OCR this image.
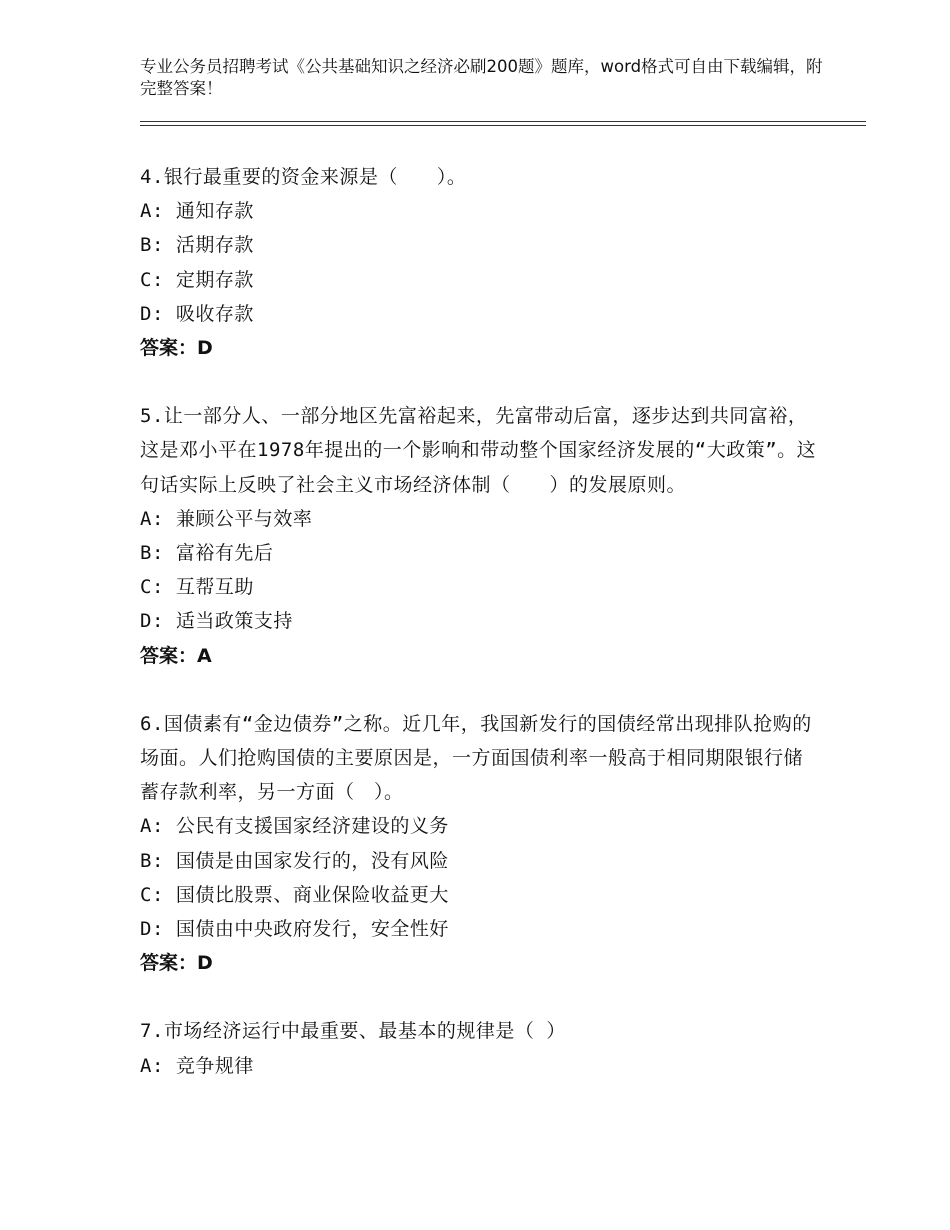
专业公务员招聘考试《公共基础知识之经济必刷200题》题库，word格式可自由下载编辑，附完整答案！
4.银行最重要的资金来源是（　　）。
A: 通知存款
B: 活期存款
C: 定期存款
D: 吸收存款
答案：D
5.让一部分人、一部分地区先富裕起来，先富带动后富，逐步达到共同富裕，这是邓小平在1978年提出的一个影响和带动整个国家经济发展的“大政策”。这句话实际上反映了社会主义市场经济体制（　　）的发展原则。
A: 兼顾公平与效率
B: 富裕有先后
C: 互帮互助
D: 适当政策支持
答案：A
6.国债素有“金边债券”之称。近几年，我国新发行的国债经常出现排队抢购的场面。人们抢购国债的主要原因是，一方面国债利率一般高于相同期限银行储蓄存款利率，另一方面（　）。
A: 公民有支援国家经济建设的义务
B: 国债是由国家发行的，没有风险
C: 国债比股票、商业保险收益更大
D: 国债由中央政府发行，安全性好
答案：D
7.市场经济运行中最重要、最基本的规律是（ ）
A: 竞争规律
